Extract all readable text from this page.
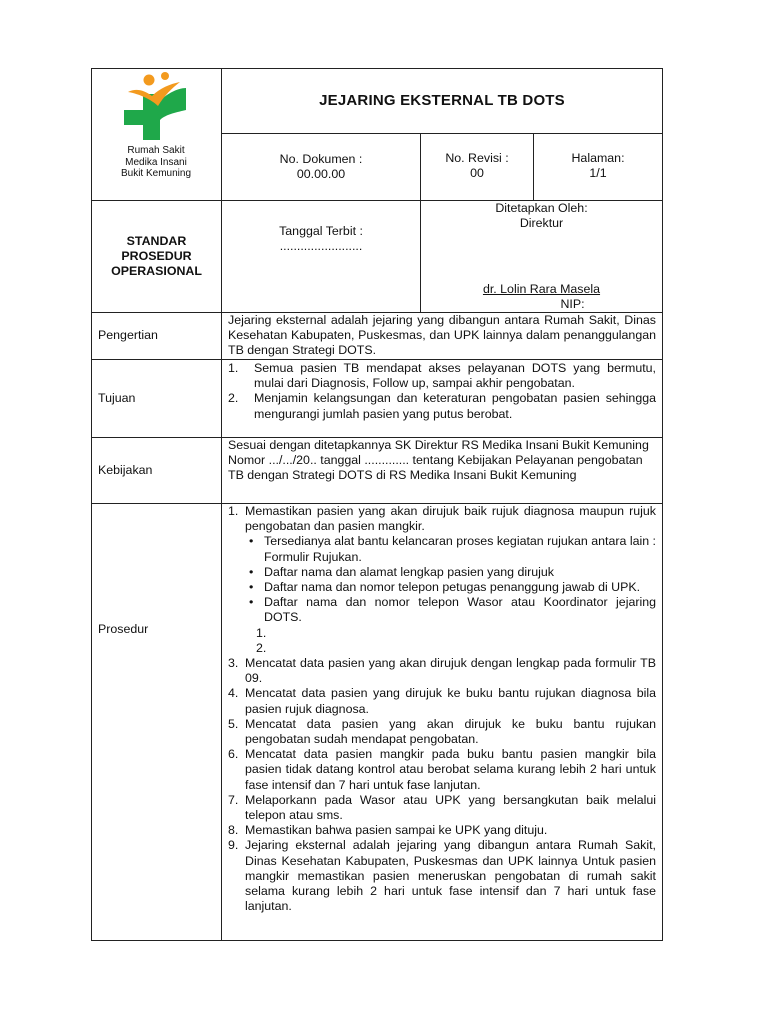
Rumah Sakit
Medika Insani
Bukit Kemuning
JEJARING EKSTERNAL TB DOTS
No. Dokumen :
00.00.00
No. Revisi :
00
Halaman:
1/1
STANDAR
PROSEDUR
OPERASIONAL
Tanggal Terbit :
........................
Ditetapkan Oleh:
Direktur
dr. Lolin Rara Masela
NIP:
Pengertian
Jejaring eksternal adalah jejaring yang dibangun antara Rumah Sakit, Dinas Kesehatan Kabupaten, Puskesmas, dan UPK lainnya dalam penanggulangan TB dengan Strategi DOTS.
Tujuan
1. Semua pasien TB mendapat akses pelayanan DOTS yang bermutu, mulai dari Diagnosis, Follow up, sampai akhir pengobatan.
2. Menjamin kelangsungan dan keteraturan pengobatan pasien sehingga mengurangi jumlah pasien yang putus berobat.
Kebijakan
Sesuai dengan ditetapkannya SK Direktur RS Medika Insani Bukit Kemuning Nomor .../.../20.. tanggal ............. tentang Kebijakan Pelayanan pengobatan TB dengan Strategi DOTS di RS Medika Insani Bukit Kemuning
Prosedur
1. Memastikan pasien yang akan dirujuk baik rujuk diagnosa maupun rujuk pengobatan dan pasien mangkir.
• Tersedianya alat bantu kelancaran proses kegiatan rujukan antara lain : Formulir Rujukan.
• Daftar nama dan alamat lengkap pasien yang dirujuk
• Daftar nama dan nomor telepon petugas penanggung jawab di UPK.
• Daftar nama dan nomor telepon Wasor atau Koordinator jejaring DOTS.
1.
2.
3. Mencatat data pasien yang akan dirujuk dengan lengkap pada formulir TB 09.
4. Mencatat data pasien yang dirujuk ke buku bantu rujukan diagnosa bila pasien rujuk diagnosa.
5. Mencatat data pasien yang akan dirujuk ke buku bantu rujukan pengobatan sudah mendapat pengobatan.
6. Mencatat data pasien mangkir pada buku bantu pasien mangkir bila pasien tidak datang kontrol atau berobat selama kurang lebih 2 hari untuk fase intensif dan 7 hari untuk fase lanjutan.
7. Melaporkann pada Wasor atau UPK yang bersangkutan baik melalui telepon atau sms.
8. Memastikan bahwa pasien sampai ke UPK yang dituju.
9. Jejaring eksternal adalah jejaring yang dibangun antara Rumah Sakit, Dinas Kesehatan Kabupaten, Puskesmas dan UPK lainnya Untuk pasien mangkir memastikan pasien meneruskan pengobatan di rumah sakit selama kurang lebih 2 hari untuk fase intensif dan 7 hari untuk fase lanjutan.
